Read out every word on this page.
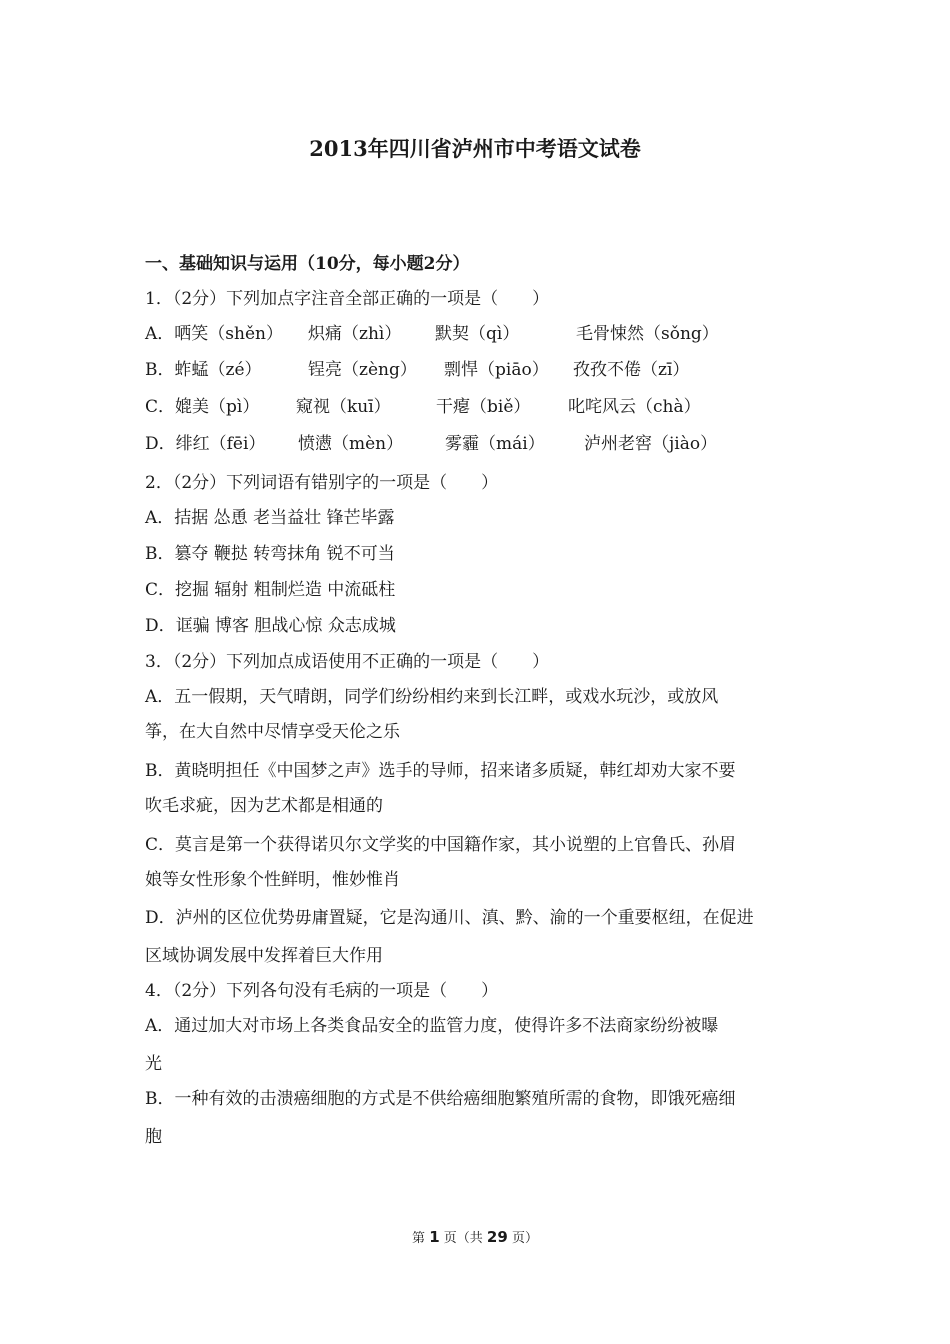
2013年四川省泸州市中考语文试卷

一、基础知识与运用（10分，每小题2分）

1．（2分）下列加点字注音全部正确的一项是（　　）

A．哂笑（shěn） 炽痛（zhì） 默契（qì）	毛骨悚然（sǒng）
B．蚱蜢（zé）	锃亮（zèng） 剽悍（piāo） 孜孜不倦（zī）
C．媲美（pì） 窥视（kuī）	干瘪（biě） 叱咤风云（chà）
D．绯红（fēi） 愤懑（mèn） 雾霾（mái） 泸州老窖（jiào）

2．（2分）下列词语有错别字的一项是（　　）

A．拮据 怂恿 老当益壮 锋芒毕露

B．篡夺 鞭挞 转弯抹角 锐不可当

C．挖掘 辐射 粗制烂造 中流砥柱

D．诓骗 博客 胆战心惊 众志成城

3．（2分）下列加点成语使用不正确的一项是（　　）

A．五一假期，天气晴朗，同学们纷纷相约来到长江畔，或戏水玩沙，或放风

筝，在大自然中尽情享受天伦之乐

B．黄晓明担任《中国梦之声》选手的导师，招来诸多质疑，韩红却劝大家不要

吹毛求疵，因为艺术都是相通的

C．莫言是第一个获得诺贝尔文学奖的中国籍作家，其小说塑的上官鲁氏、孙眉

娘等女性形象个性鲜明，惟妙惟肖

D．泸州的区位优势毋庸置疑，它是沟通川、滇、黔、渝的一个重要枢纽，在促进

区域协调发展中发挥着巨大作用

4．（2分）下列各句没有毛病的一项是（　　）

A．通过加大对市场上各类食品安全的监管力度，使得许多不法商家纷纷被曝

光

B．一种有效的击溃癌细胞的方式是不供给癌细胞繁殖所需的食物，即饿死癌细

胞

第 1 页（共 29 页）
